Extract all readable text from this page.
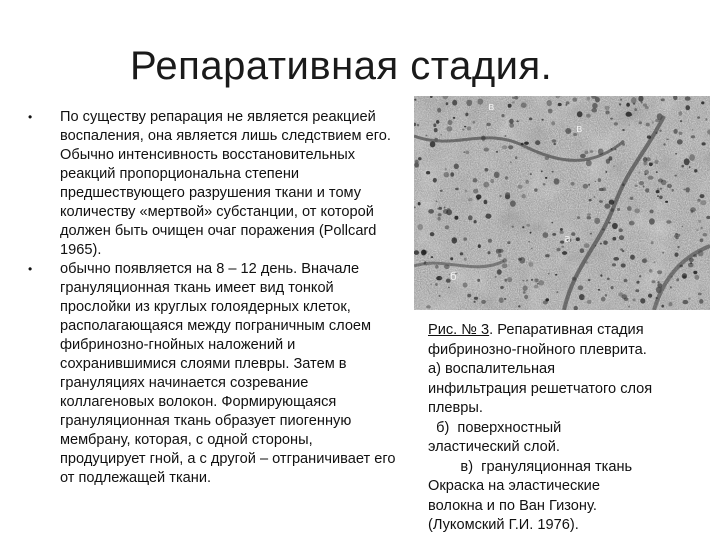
Репаративная стадия.
• По существу репарация не является реакцией воспаления, она является лишь следствием его. Обычно интенсивность восстановительных реакций пропорциональна степени предшествующего разрушения ткани и тому количеству «мертвой» субстанции, от которой должен быть очищен очаг поражения (Pollcard 1965).
• обычно появляется на 8 – 12 день. Вначале грануляционная ткань имеет вид тонкой прослойки из круглых голоядерных клеток, располагающаяся между пограничным слоем фибринозно-гнойных наложений и сохранившимися слоями плевры. Затем в грануляциях начинается созревание коллагеновых волокон. Формирующаяся грануляционная ткань образует пиогенную мембрану, которая, с одной стороны, продуцирует гной, а с другой – отграничивает его от подлежащей ткани.
в
в
а
б
Рис. № 3. Репаративная стадия
фибринозно-гнойного плеврита.
а) воспалительная
инфильтрация решетчатого слоя
плевры.
б)  поверхностный
эластический слой.
в)  грануляционная ткань
Окраска на эластические
волокна и по Ван Гизону.
(Лукомский Г.И. 1976).
